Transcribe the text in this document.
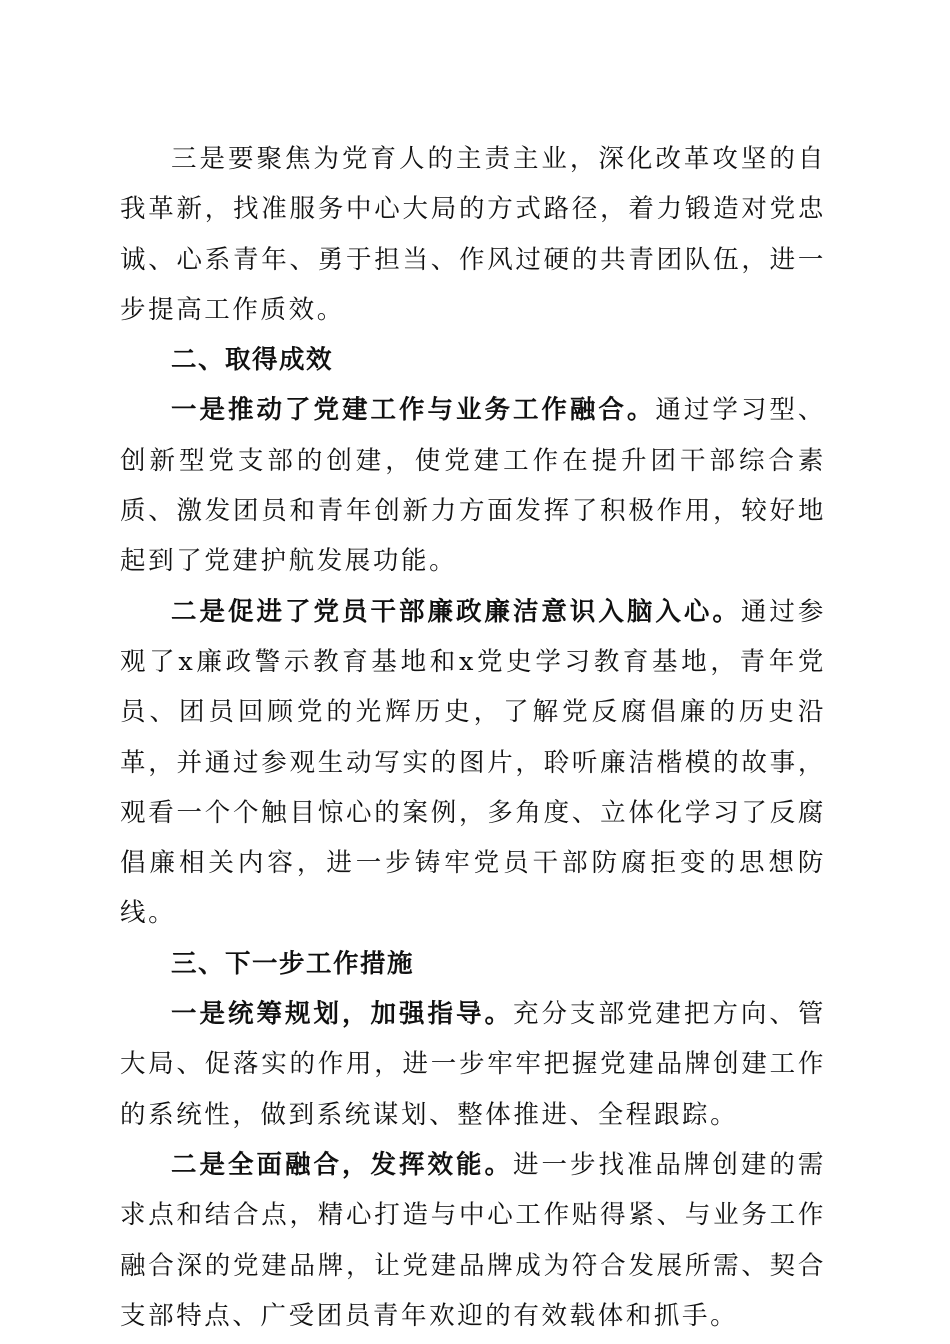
三是要聚焦为党育人的主责主业，深化改革攻坚的自我革新，找准服务中心大局的方式路径，着力锻造对党忠诚、心系青年、勇于担当、作风过硬的共青团队伍，进一步提高工作质效。

二、取得成效

一是推动了党建工作与业务工作融合。通过学习型、创新型党支部的创建，使党建工作在提升团干部综合素质、激发团员和青年创新力方面发挥了积极作用，较好地起到了党建护航发展功能。

二是促进了党员干部廉政廉洁意识入脑入心。通过参观了x廉政警示教育基地和x党史学习教育基地，青年党员、团员回顾党的光辉历史，了解党反腐倡廉的历史沿革，并通过参观生动写实的图片，聆听廉洁楷模的故事，观看一个个触目惊心的案例，多角度、立体化学习了反腐倡廉相关内容，进一步铸牢党员干部防腐拒变的思想防线。

三、下一步工作措施

一是统筹规划，加强指导。充分支部党建把方向、管大局、促落实的作用，进一步牢牢把握党建品牌创建工作的系统性，做到系统谋划、整体推进、全程跟踪。

二是全面融合，发挥效能。进一步找准品牌创建的需求点和结合点，精心打造与中心工作贴得紧、与业务工作融合深的党建品牌，让党建品牌成为符合发展所需、契合支部特点、广受团员青年欢迎的有效载体和抓手。
